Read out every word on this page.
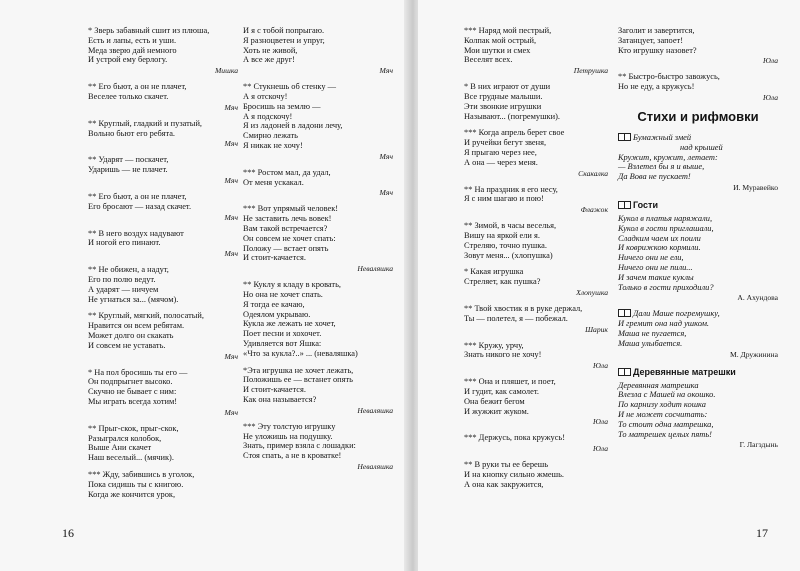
* Зверь забавный сшит из плюша,
Есть и лапы, есть и уши.
Меда зверю дай немного
И устрой ему берлогу.
Мишка
** Его бьют, а он не плачет,
Веселее только скачет.
Мяч
** Круглый, гладкий и пузатый,
Вольно бьют его ребята.
Мяч
** Ударят — поскачет,
Ударишь — не плачет.
Мяч
** Его бьют, а он не плачет,
Его бросают — назад скачет.
Мяч
** В него воздух надувают
И ногой его пинают.
Мяч
** Не обижен, а надут,
Его по полю ведут.
А ударят — ничуем
Не угнаться за... (мячом).
** Круглый, мягкий, полосатый,
Нравится он всем ребятам.
Может долго он скакать
И совсем не уставать.
Мяч
* На пол бросишь ты его —
Он подпрыгнет высоко.
Скучно не бывает с ним:
Мы играть всегда хотим!
Мяч
** Прыг-скок, прыг-скок,
Разыгрался колобок,
Выше Ани скачет
Наш веселый... (мячик).
*** Жду, забившись в уголок,
Пока сидишь ты с книгою.
Когда же кончится урок,
И я с тобой попрыгаю.
Я разноцветен и упруг,
Хоть не живой,
А все же друг!
Мяч
** Стукнешь об стенку —
А я отскочу!
Бросишь на землю —
А я подскочу!
Я из ладоней в ладони лечу,
Смирно лежать
Я никак не хочу!
Мяч
*** Ростом мал, да удал,
От меня ускакал.
Мяч
*** Вот упрямый человек!
Не заставить лечь вовек!
Вам такой встречается?
Он совсем не хочет спать:
Положу — встает опять
И стоит-качается.
Неваляшка
** Куклу я кладу в кровать,
Но она не хочет спать.
Я тогда ее качаю,
Одеялом укрываю.
Кукла же лежать не хочет,
Поет песни и хохочет.
Удивляется вот Яшка:
«Что за кукла?..» ... (неваляшка)
*Эта игрушка не хочет лежать,
Положишь ее — встанет опять
И стоит-качается.
Как она называется?
Неваляшка
*** Эту толстую игрушку
Не уложишь на подушку.
Знать, пример взяла с лошадки:
Стоя спать, а не в кроватке!
Неваляшка
16
*** Наряд мой пестрый,
Колпак мой острый,
Мои шутки и смех
Веселят всех.
Петрушка
* В них играют от души
Все грудные малыши.
Эти звонкие игрушки
Называют... (погремушки).
*** Когда апрель берет свое
И ручейки бегут звеня,
Я прыгаю через нее,
А она — через меня.
Скакалка
** На праздник я его несу,
Я с ним шагаю и пою!
Флажок
** Зимой, в часы веселья,
Вишу на яркой ели я.
Стреляю, точно пушка.
Зовут меня... (хлопушка)
* Какая игрушка
Стреляет, как пушка?
Хлопушка
** Твой хвостик я в руке держал,
Ты — полетел, я — побежал.
Шарик
*** Кружу, урчу,
Знать никого не хочу!
Юла
*** Она и пляшет, и поет,
И гудит, как самолет.
Она бежит бегом
И жужжит жуком.
Юла
*** Держусь, пока кружусь!
Юла
** В руки ты ее берешь
И на кнопку сильно жмешь.
А она как закружится,
Заголит и завертится,
Затанцует, запоет!
Кто игрушку назовет?
Юла
** Быстро-быстро завожусь,
Но не еду, а кружусь!
Юла
Стихи и рифмовки
Бумажный змей
над крышей
Кружит, кружит, летает:
— Взлетел бы я и выше,
Да Вова не пускает!
И. Муравейко
Гости
Кукол в платья наряжали,
Кукол в гости приглашали,
Сладким чаем их поили
И коврижкою кормили.
Ничего они не ели,
Ничего они не пили...
И зачем такие куклы
Только в гости приходили?
А. Ахундова
Дали Маше погремушку,
И гремит она над ушком.
Маша не пугается,
Маша улыбается.
М. Дружинина
Деревянные матрешки
Деревянная матрешка
Влезла с Машей на окошко.
По карнизу ходит кошка
И не может сосчитать:
То стоит одна матрешка,
То матрешек целых пять!
Г. Лагздынь
17
